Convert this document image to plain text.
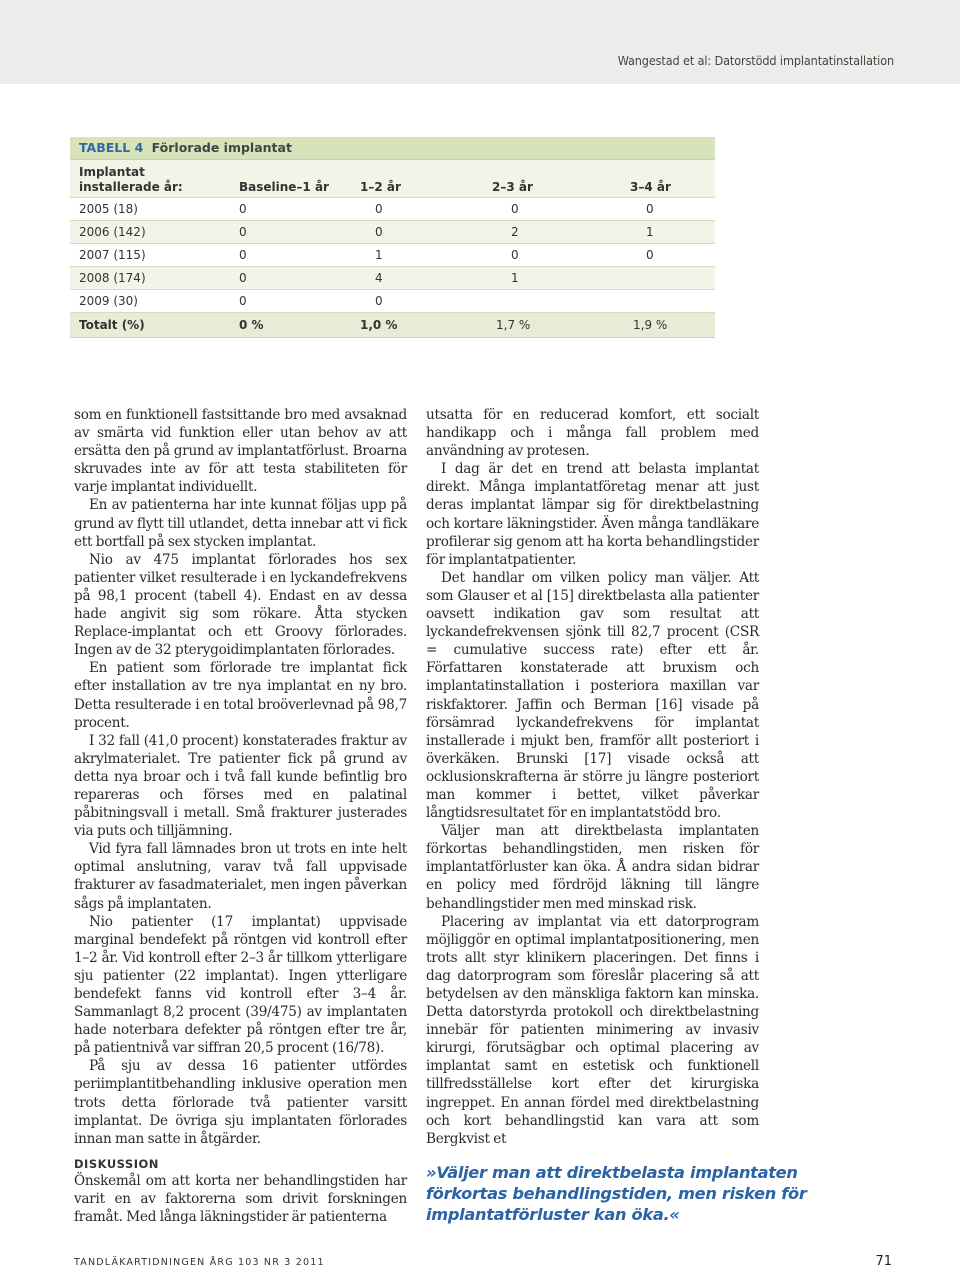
Wangestad et al: Datorstödd implantatinstallation
TABELL 4 Förlorade implantat
Implantat
installerade år:	Baseline–1 år	1–2 år	2–3 år	3–4 år
2005 (18)	0	0	0	0
2006 (142)	0	0	2	1
2007 (115)	0	1	0	0
2008 (174)	0	4	1
2009 (30)	0	0
Totalt (%)	0 %	1,0 %	1,7 %	1,9 %

som en funktionell fastsittande bro med avsaknad av smärta vid funktion eller utan behov av att ersätta den på grund av implantatförlust. Broarna skruvades inte av för att testa stabiliteten för varje implantat individuellt.

En av patienterna har inte kunnat följas upp på grund av flytt till utlandet, detta innebar att vi fick ett bortfall på sex stycken implantat.

Nio av 475 implantat förlorades hos sex patienter vilket resulterade i en lyckandefrekvens på 98,1 procent (tabell 4). Endast en av dessa hade angivit sig som rökare. Åtta stycken Replace-implantat och ett Groovy förlorades. Ingen av de 32 pterygoidimplantaten förlorades.

En patient som förlorade tre implantat fick efter installation av tre nya implantat en ny bro. Detta resulterade i en total broöverlevnad på 98,7 procent.

I 32 fall (41,0 procent) konstaterades fraktur av akrylmaterialet. Tre patienter fick på grund av detta nya broar och i två fall kunde befintlig bro repareras och förses med en palatinal påbitningsvall i metall. Små frakturer justerades via puts och tilljämning.

Vid fyra fall lämnades bron ut trots en inte helt optimal anslutning, varav två fall uppvisade frakturer av fasadmaterialet, men ingen påverkan sågs på implantaten.

Nio patienter (17 implantat) uppvisade marginal bendefekt på röntgen vid kontroll efter 1–2 år. Vid kontroll efter 2–3 år tillkom ytterligare sju patienter (22 implantat). Ingen ytterligare bendefekt fanns vid kontroll efter 3–4 år. Sammanlagt 8,2 procent (39/475) av implantaten hade noterbara defekter på röntgen efter tre år, på patientnivå var siffran 20,5 procent (16/78).

På sju av dessa 16 patienter utfördes periimplantitbehandling inklusive operation men trots detta förlorade två patienter varsitt implantat. De övriga sju implantaten förlorades innan man satte in åtgärder.

DISKUSSION

Önskemål om att korta ner behandlingstiden har varit en av faktorerna som drivit forskningen framåt. Med långa läkningstider är patienterna

utsatta för en reducerad komfort, ett socialt handikapp och i många fall problem med användning av protesen.

I dag är det en trend att belasta implantat direkt. Många implantatföretag menar att just deras implantat lämpar sig för direktbelastning och kortare läkningstider. Även många tandläkare profilerar sig genom att ha korta behandlingstider för implantatpatienter.

Det handlar om vilken policy man väljer. Att som Glauser et al [15] direktbelasta alla patienter oavsett indikation gav som resultat att lyckandefrekvensen sjönk till 82,7 procent (CSR = cumulative success rate) efter ett år. Författaren konstaterade att bruxism och implantatinstallation i posteriora maxillan var riskfaktorer. Jaffin och Berman [16] visade på försämrad lyckandefrekvens för implantat installerade i mjukt ben, framför allt posteriort i överkäken. Brunski [17] visade också att ocklusionskrafterna är större ju längre posteriort man kommer i bettet, vilket påverkar långtidsresultatet för en implantatstödd bro.

Väljer man att direktbelasta implantaten förkortas behandlingstiden, men risken för implantatförluster kan öka. Å andra sidan bidrar en policy med fördröjd läkning till längre behandlingstider men med minskad risk.

Placering av implantat via ett datorprogram möjliggör en optimal implantatpositionering, men trots allt styr klinikern placeringen. Det finns i dag datorprogram som föreslår placering så att betydelsen av den mänskliga faktorn kan minska. Detta datorstyrda protokoll och direktbelastning innebär för patienten minimering av invasiv kirurgi, förutsägbar och optimal placering av implantat samt en estetisk och funktionell tillfredsställelse kort efter det kirurgiska ingreppet. En annan fördel med direktbelastning och kort behandlingstid kan vara att som Bergkvist et

»Väljer man att direktbelasta implantaten förkortas behandlingstiden, men risken för implantatförluster kan öka.«
TANDLÄKARTIDNINGEN ÅRG 103 NR 3 2011	71
